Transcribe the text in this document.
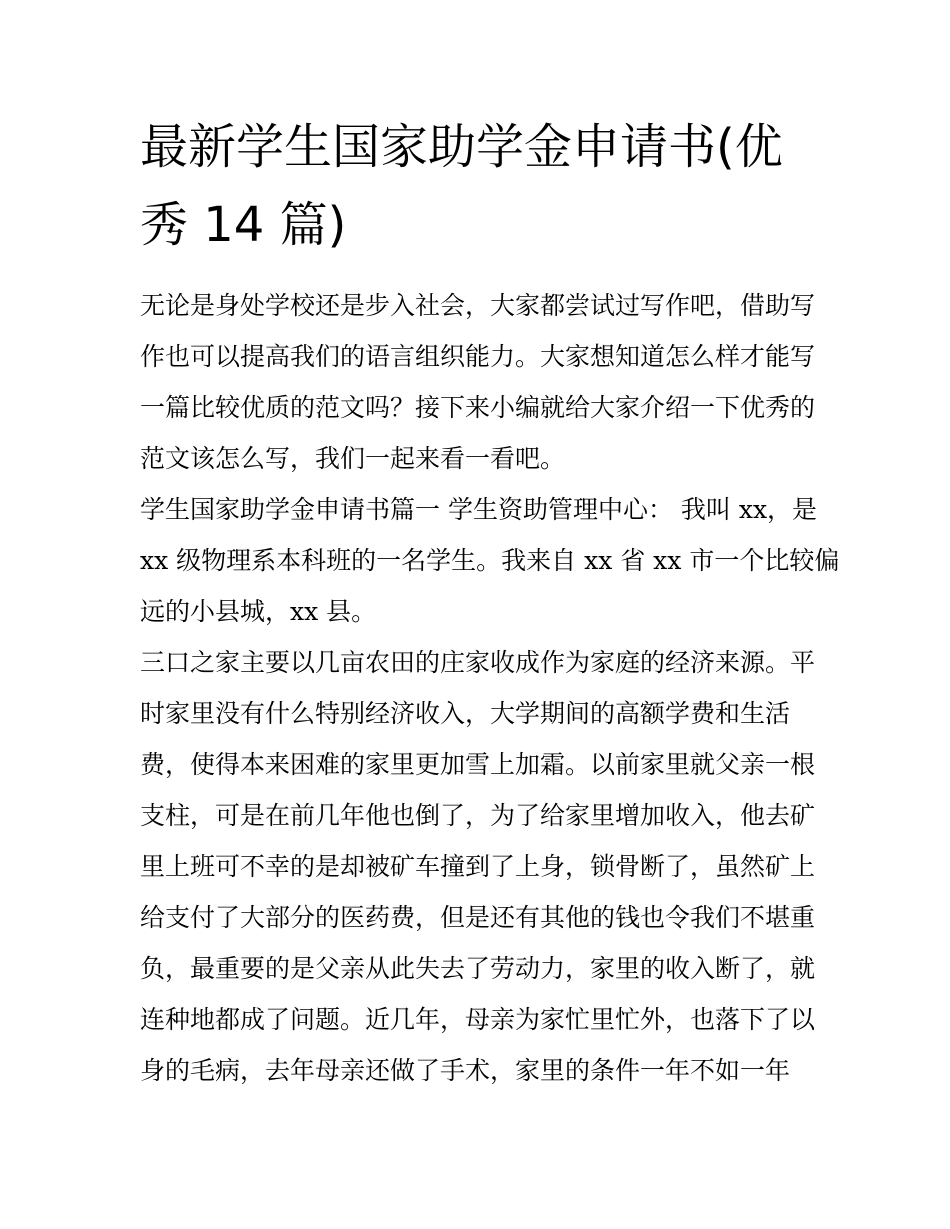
最新学生国家助学金申请书(优
秀 14 篇)
无论是身处学校还是步入社会，大家都尝试过写作吧，借助写
作也可以提高我们的语言组织能力。大家想知道怎么样才能写
一篇比较优质的范文吗？接下来小编就给大家介绍一下优秀的
范文该怎么写，我们一起来看一看吧。
学生国家助学金申请书篇一 学生资助管理中心： 我叫 xx，是
xx 级物理系本科班的一名学生。我来自 xx 省 xx 市一个比较偏
远的小县城，xx 县。
三口之家主要以几亩农田的庄家收成作为家庭的经济来源。平
时家里没有什么特别经济收入，大学期间的高额学费和生活
费，使得本来困难的家里更加雪上加霜。以前家里就父亲一根
支柱，可是在前几年他也倒了，为了给家里增加收入，他去矿
里上班可不幸的是却被矿车撞到了上身，锁骨断了，虽然矿上
给支付了大部分的医药费，但是还有其他的钱也令我们不堪重
负，最重要的是父亲从此失去了劳动力，家里的收入断了，就
连种地都成了问题。近几年，母亲为家忙里忙外，也落下了以
身的毛病，去年母亲还做了手术，家里的条件一年不如一年
